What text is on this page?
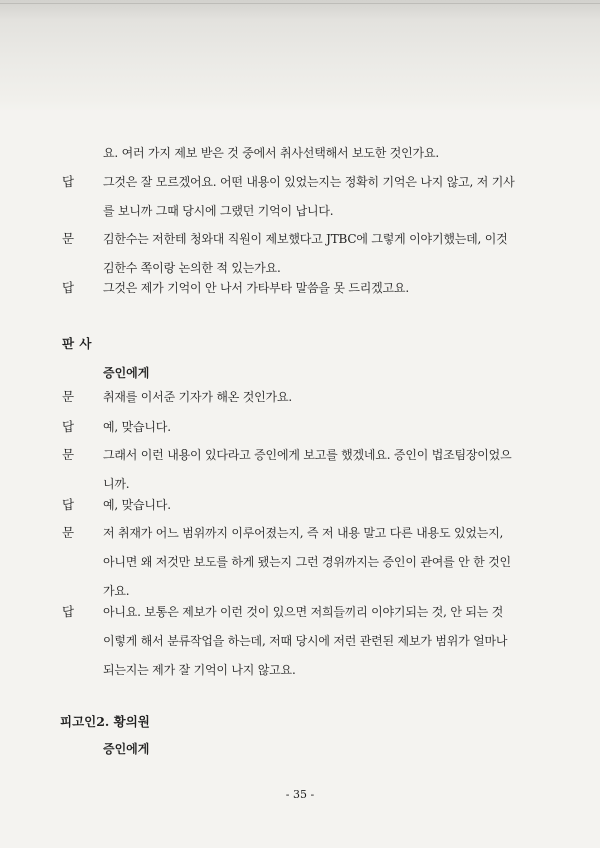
요. 여러 가지 제보 받은 것 중에서 취사선택해서 보도한 것인가요.
답 그것은 잘 모르겠어요. 어떤 내용이 있었는지는 정확히 기억은 나지 않고, 저 기사
를 보니까 그때 당시에 그랬던 기억이 납니다.
문 김한수는 저한테 청와대 직원이 제보했다고 JTBC에 그렇게 이야기했는데, 이것
김한수 쪽이랑 논의한 적 있는가요.
답 그것은 제가 기억이 안 나서 가타부타 말씀을 못 드리겠고요.
판 사
증인에게
문 취재를 이서준 기자가 해온 것인가요.
답 예, 맞습니다.
문 그래서 이런 내용이 있다라고 증인에게 보고를 했겠네요. 증인이 법조팀장이었으
니까.
답 예, 맞습니다.
문 저 취재가 어느 범위까지 이루어졌는지, 즉 저 내용 말고 다른 내용도 있었는지,
아니면 왜 저것만 보도를 하게 됐는지 그런 경위까지는 증인이 관여를 안 한 것인
가요.
답 아니요. 보통은 제보가 이런 것이 있으면 저희들끼리 이야기되는 것, 안 되는 것
이렇게 해서 분류작업을 하는데, 저때 당시에 저런 관련된 제보가 범위가 얼마나
되는지는 제가 잘 기억이 나지 않고요.
피고인2. 황의원
증인에게
- 35 -
